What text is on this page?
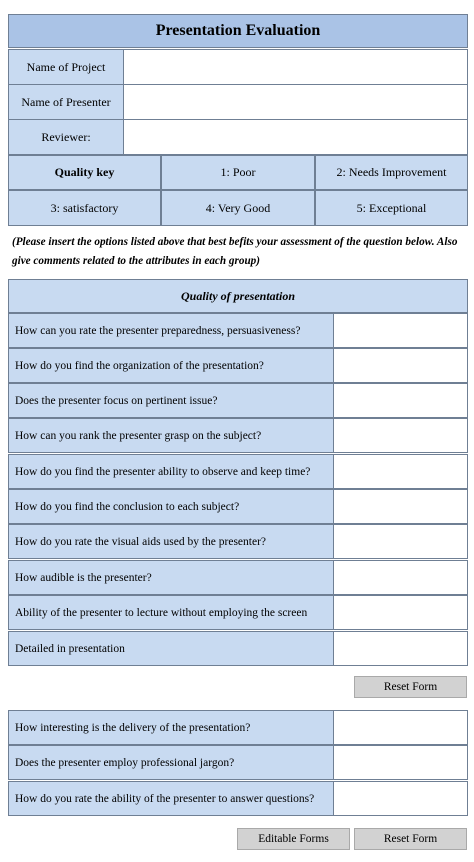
Presentation Evaluation
Name of Project
Name of Presenter
Reviewer:
Quality key	1: Poor	2: Needs Improvement
3: satisfactory	4: Very Good	5: Exceptional
(Please insert the options listed above that best befits your assessment of the question below. Also give comments related to the attributes in each group)
Quality of presentation
How can you rate the presenter preparedness, persuasiveness?
How do you find the organization of the presentation?
Does the presenter focus on pertinent issue?
How can you rank the presenter grasp on the subject?
How do you find the presenter ability to observe and keep time?
How do you find the conclusion to each subject?
How do you rate the visual aids used by the presenter?
How audible is the presenter?
Ability of the presenter to lecture without employing the screen
Detailed in presentation
Reset Form
How interesting is the delivery of the presentation?
Does the presenter employ professional jargon?
How do you rate the ability of the presenter to answer questions?
Editable Forms	Reset Form
